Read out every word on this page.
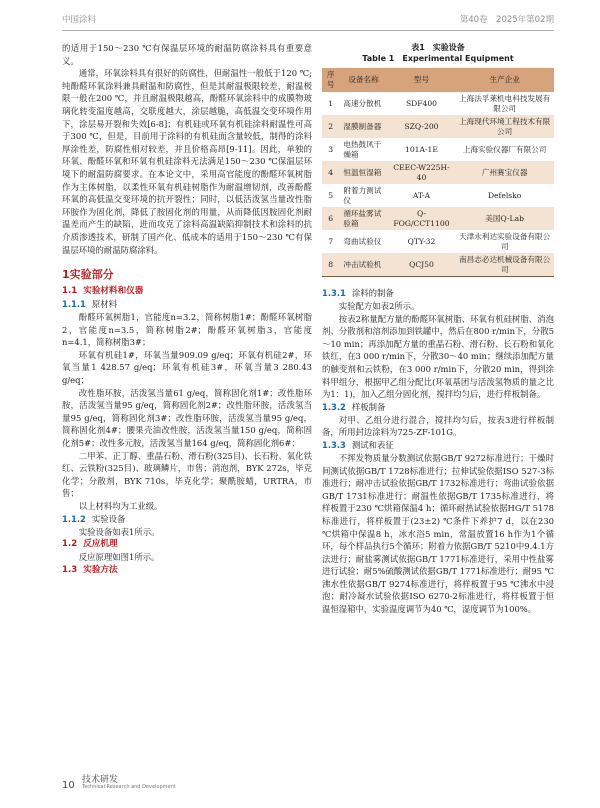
中国涂料	第40卷　2025年第02期

的适用于150～230 ℃有保温层环境的耐温防腐涂料具有重要意义。

通常，环氧涂料具有很好的防腐性，但耐温性一般低于120 ℃;纯酚醛环氧涂料兼具耐温和防腐性，但是其耐温极限较差，耐温极限一般在200 ℃，并且耐温极限越高，酚醛环氧涂料中的成膜物玻璃化转变温度越高，交联度越大，涂层越脆，高低温交变环境作用下，涂层易开裂和失效[6-8]；有机硅或环氧有机硅涂料耐温性可高于300 ℃，但是，目前用于涂料的有机硅面含量较低，制得的涂料厚涂性差，防腐性相对较差，并且价格高昂[9-11]。因此，单独的环氧、酚醛环氧和环氧有机硅涂料无法满足150～230 ℃保温层环境下的耐温防腐要求。在本论文中，采用高官能度的酚醛环氧树脂作为主体树脂，以柔性环氧有机硅树脂作为耐温增韧剂，改善酚醛环氧的高低温交变环境的抗开裂性；同时，以低活泼氢当量改性脂环胺作为固化剂，降低了胺固化剂的用量，从而降低因胺固化剂耐温差而产生的缺陷，进而攻克了涂料高温缺陷抑制技术和涂料的抗介质渗透技术，研制了国产化、低成本的适用于150～230 ℃有保温层环境的耐温防腐涂料。

1实验部分
1.1 实验材料和仪器
1.1.1 原材料

酚醛环氧树脂1，官能度n=3.2，简称树脂1#；酚醛环氧树脂2，官能度n=3.5，简称树脂2#；酚醛环氧树脂3，官能度n=4.1，简称树脂3#；

环氧有机硅1#，环氧当量909.09 g/eq；环氧有机硅2#，环氧当量1 428.57 g/eq；环氧有机硅3#，环氧当量3 280.43 g/eq；

改性脂环胺，活泼氢当量61 g/eq，简称固化剂1#；改性脂环胺，活泼氢当量95 g/eq，简称固化剂2#；改性脂环胺，活泼氢当量95 g/eq，简称固化剂3#；改性脂环胺，活泼氢当量95 g/eq，简称固化剂4#；腰果壳油改性胺，活泼氢当量150 g/eq，简称固化剂5#；改性多元胺，活泼氢当量164 g/eq，简称固化剂6#；

二甲苯、正丁醇、重晶石粉、滑石粉(325目)、长石粉、氧化铁红、云铁粉(325目)、玻璃鳞片，市售；消泡剂，BYK 272s，毕克化学；分散剂，BYK 710s，毕克化学；聚酰胺蜡，URTRA，市售；

以上材料均为工业级。

1.1.2 实验设备

实验设备如表1所示。

1.2 反应机理

反应原理如图1所示。

1.3 实验方法
表1　实验设备
Table 1　Experimental Equipment
序号	设备名称	型号	生产企业
1	高速分散机	SDF400	上海法孚莱机电科技发展有限公司
2	湿膜制备器	SZQ-200	上海现代环境工程技术有限公司
3	电热鼓风干燥箱	101A-1E	上海实验仪器厂有限公司
4	恒温恒湿箱	CEEC-W225H-40	广州赛宝仪器
5	附着力测试仪	AT-A	Defelsko
6	循环盐雾试验箱	Q-FOG/CCT1100	美国Q-Lab
7	弯曲试验仪	QTY-32	天津永利达实验设备有限公司
8	冲击试验机	QCJ50	南昌志必达机械设备有限公司
1.3.1 涂料的制备

实验配方如表2所示。

按表2称量配方量的酚醛环氧树脂、环氧有机硅树脂、消泡剂、分散剂和溶剂添加到铁罐中，然后在800 r/min下，分散5～10 min；再添加配方量的重晶石粉、滑石粉、长石粉和氧化铁红，在3 000 r/min下，分散30～40 min；继续添加配方量的触变剂和云铁粉，在3 000 r/min下，分散20 min，得到涂料甲组分，根据甲乙组分配比(环氧基团与活泼氢物质的量之比为1：1)，加入乙组分固化剂，搅拌均匀后，进行样板制备。

1.3.2 样板制备

对甲、乙组分进行混合，搅拌均匀后，按表3进行样板制备，所用封边涂料为725-ZF-101G。

1.3.3 测试和表征

不挥发物质量分数测试依据GB/T 9272标准进行；干燥时间测试依据GB/T 1728标准进行；拉伸试验依据ISO 527-3标准进行；耐冲击试验依据GB/T 1732标准进行；弯曲试验依据GB/T 1731标准进行；耐温性依据GB/T 1735标准进行，将样板置于230 ℃烘箱保温4 h；循环耐热试验依据HG/T 5178标准进行，将样板置于(23±2) ℃条件下养护7 d，以在230 ℃烘箱中保温8 h，冰水浴5 min，常温放置16 h作为1个循环，每个样品执行5个循环；附着力依据GB/T 5210中9.4.1方法进行；耐盐雾测试依据GB/T 1771标准进行，采用中性盐雾进行试验；耐5%硫酸测试依据GB/T 1771标准进行；耐95 ℃沸水性依据GB/T 9274标准进行，将样板置于95 ℃沸水中浸泡；耐冷凝水试验依据ISO 6270-2标准进行，将样板置于恒温恒湿箱中，实验温度调节为40 ℃，湿度调节为100%。

10 技术研发
Technical Research and Development
